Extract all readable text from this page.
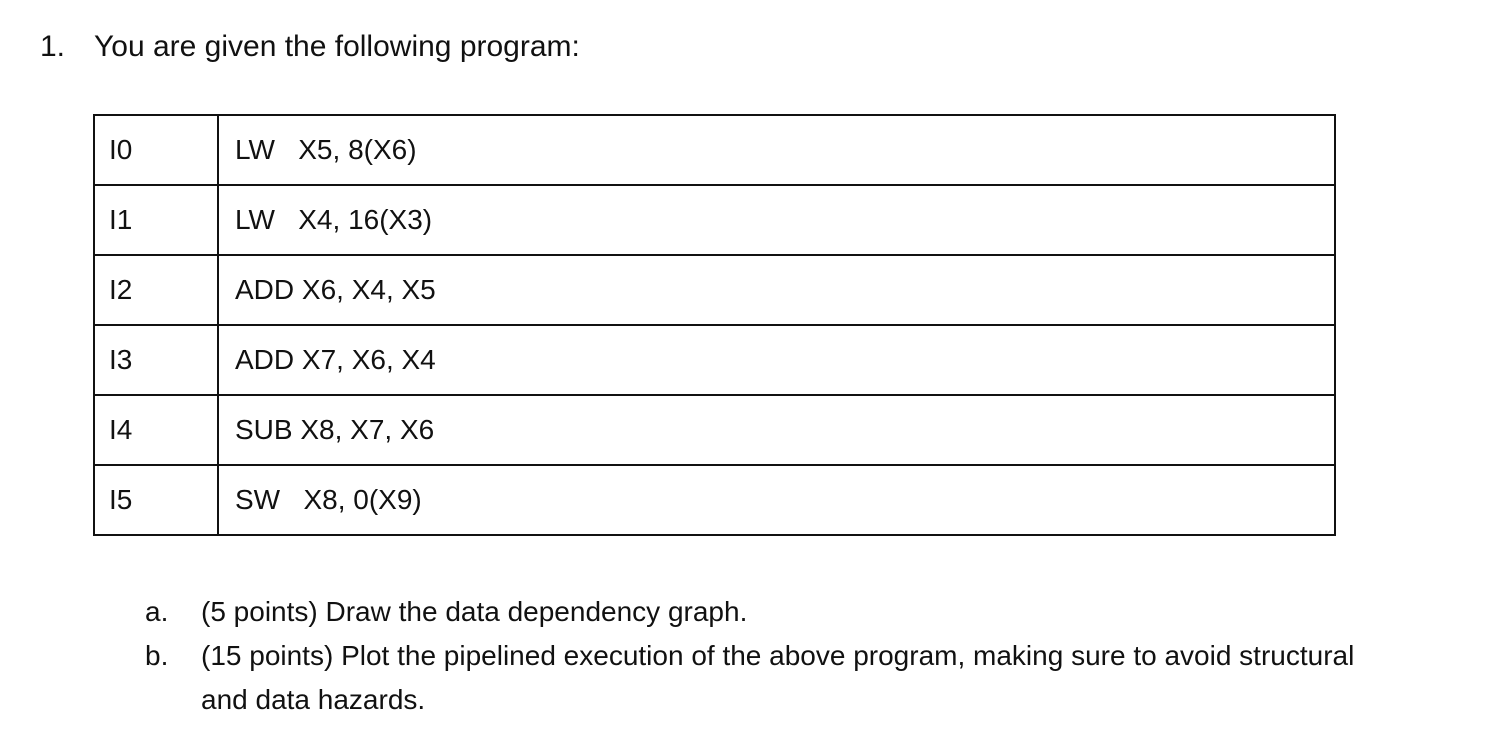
1. You are given the following program:
I0	LW   X5, 8(X6)
I1	LW   X4, 16(X3)
I2	ADD X6, X4, X5
I3	ADD X7, X6, X4
I4	SUB X8, X7, X6
I5	SW   X8, 0(X9)
a.	(5 points) Draw the data dependency graph.
b.	(15 points) Plot the pipelined execution of the above program, making sure to avoid structural and data hazards.
